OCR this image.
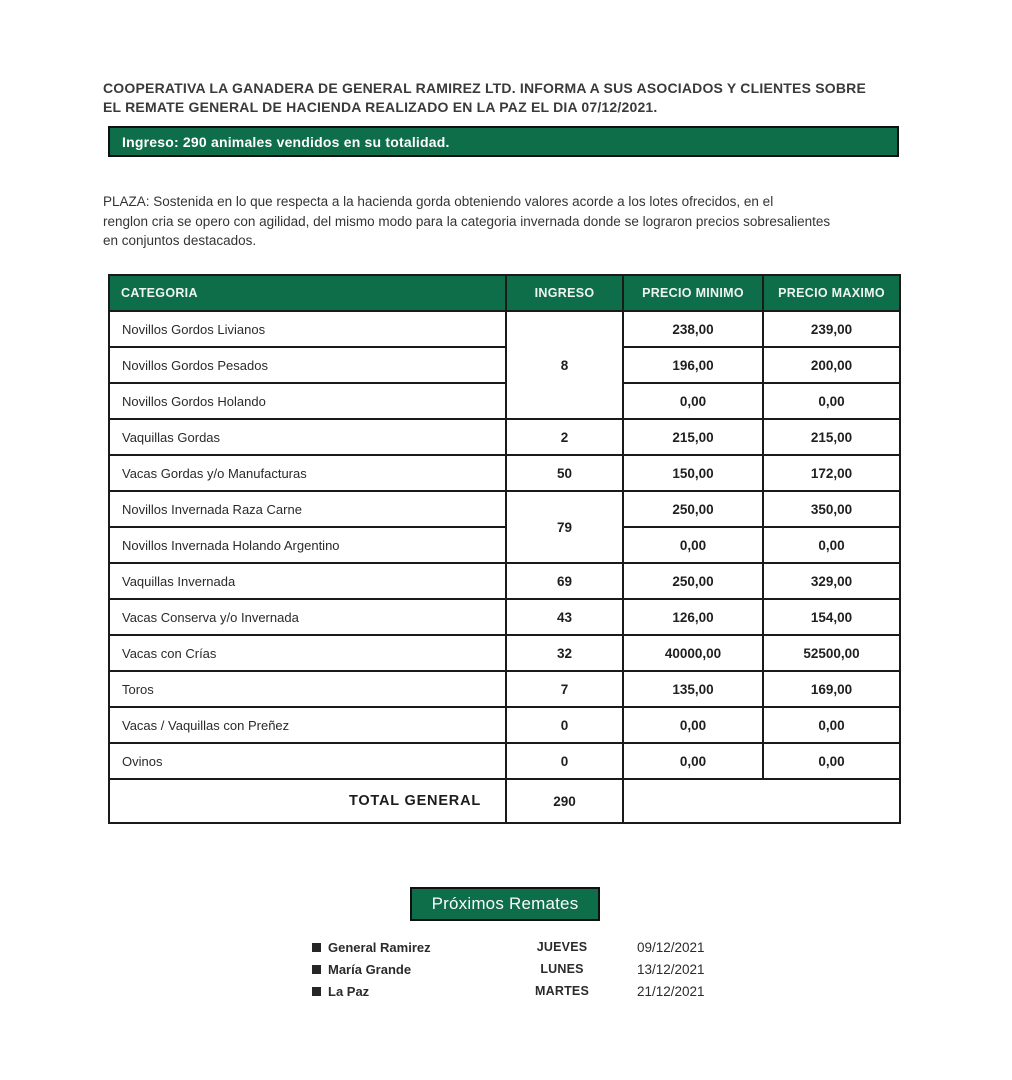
COOPERATIVA LA GANADERA DE GENERAL RAMIREZ LTD. INFORMA A SUS ASOCIADOS Y CLIENTES SOBRE
EL REMATE GENERAL DE HACIENDA REALIZADO EN LA PAZ EL DIA 07/12/2021.
Ingreso: 290 animales vendidos en su totalidad.
PLAZA: Sostenida en lo que respecta a la hacienda gorda obteniendo valores acorde a los lotes ofrecidos, en el
renglon cria se opero con agilidad, del mismo modo para la categoria invernada donde se lograron precios sobresalientes
en conjuntos destacados.
CATEGORIA	INGRESO	PRECIO MINIMO	PRECIO MAXIMO
Novillos Gordos Livianos	8	238,00	239,00
Novillos Gordos Pesados		196,00	200,00
Novillos Gordos Holando		0,00	0,00
Vaquillas Gordas	2	215,00	215,00
Vacas Gordas y/o Manufacturas	50	150,00	172,00
Novillos Invernada Raza Carne	79	250,00	350,00
Novillos Invernada Holando Argentino		0,00	0,00
Vaquillas Invernada	69	250,00	329,00
Vacas Conserva y/o Invernada	43	126,00	154,00
Vacas con Crías	32	40000,00	52500,00
Toros	7	135,00	169,00
Vacas / Vaquillas con Preñez	0	0,00	0,00
Ovinos	0	0,00	0,00
TOTAL GENERAL	290		
Próximos Remates
General Ramirez	JUEVES	09/12/2021
María Grande	LUNES	13/12/2021
La Paz	MARTES	21/12/2021
